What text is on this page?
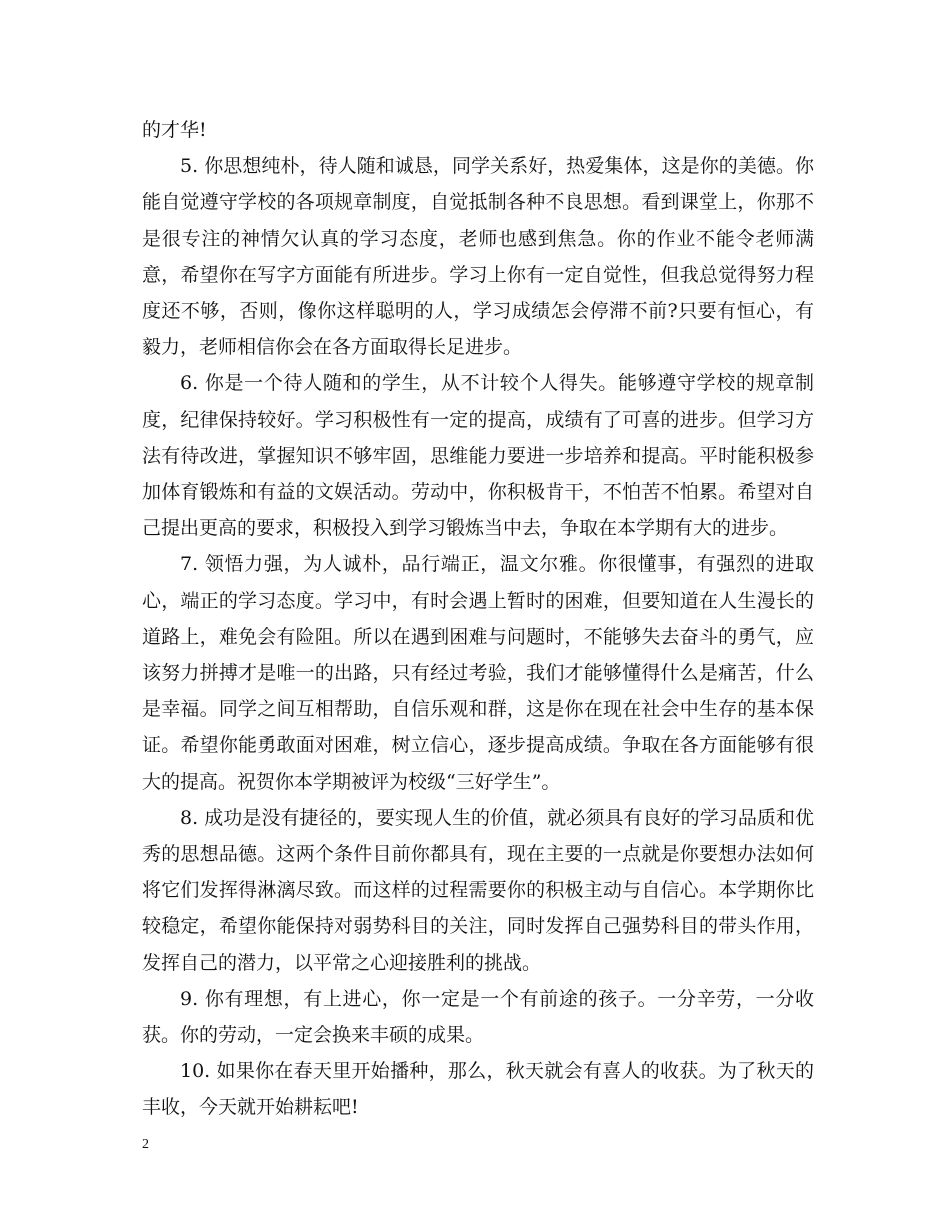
的才华!

5. 你思想纯朴，待人随和诚恳，同学关系好，热爱集体，这是你的美德。你能自觉遵守学校的各项规章制度，自觉抵制各种不良思想。看到课堂上，你那不是很专注的神情欠认真的学习态度，老师也感到焦急。你的作业不能令老师满意，希望你在写字方面能有所进步。学习上你有一定自觉性，但我总觉得努力程度还不够，否则，像你这样聪明的人，学习成绩怎会停滞不前?只要有恒心，有毅力，老师相信你会在各方面取得长足进步。

6. 你是一个待人随和的学生，从不计较个人得失。能够遵守学校的规章制度，纪律保持较好。学习积极性有一定的提高，成绩有了可喜的进步。但学习方法有待改进，掌握知识不够牢固，思维能力要进一步培养和提高。平时能积极参加体育锻炼和有益的文娱活动。劳动中，你积极肯干，不怕苦不怕累。希望对自己提出更高的要求，积极投入到学习锻炼当中去，争取在本学期有大的进步。

7. 领悟力强，为人诚朴，品行端正，温文尔雅。你很懂事，有强烈的进取心，端正的学习态度。学习中，有时会遇上暂时的困难，但要知道在人生漫长的道路上，难免会有险阻。所以在遇到困难与问题时，不能够失去奋斗的勇气，应该努力拼搏才是唯一的出路，只有经过考验，我们才能够懂得什么是痛苦，什么是幸福。同学之间互相帮助，自信乐观和群，这是你在现在社会中生存的基本保证。希望你能勇敢面对困难，树立信心，逐步提高成绩。争取在各方面能够有很大的提高。祝贺你本学期被评为校级“三好学生”。

8. 成功是没有捷径的，要实现人生的价值，就必须具有良好的学习品质和优秀的思想品德。这两个条件目前你都具有，现在主要的一点就是你要想办法如何将它们发挥得淋漓尽致。而这样的过程需要你的积极主动与自信心。本学期你比较稳定，希望你能保持对弱势科目的关注，同时发挥自己强势科目的带头作用，发挥自己的潜力，以平常之心迎接胜利的挑战。

9. 你有理想，有上进心，你一定是一个有前途的孩子。一分辛劳，一分收获。你的劳动，一定会换来丰硕的成果。

10. 如果你在春天里开始播种，那么，秋天就会有喜人的收获。为了秋天的丰收，今天就开始耕耘吧!

2
